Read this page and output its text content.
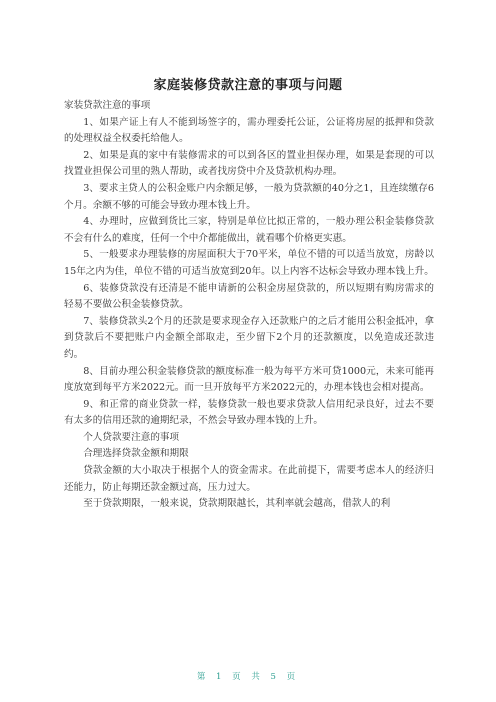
家庭装修贷款注意的事项与问题

家装贷款注意的事项

1、如果产证上有人不能到场签字的，需办理委托公证，公证将房屋的抵押和贷款的处理权益全权委托给他人。

2、如果是真的家中有装修需求的可以到各区的置业担保办理，如果是套现的可以找置业担保公司里的熟人帮助，或者找房贷中介及贷款机构办理。

3、要求主贷人的公积金账户内余额足够，一般为贷款额的40分之1，且连续缴存6个月。余额不够的可能会导致办理本钱上升。

4、办理时，应做到货比三家，特别是单位比拟正常的，一般办理公积金装修贷款不会有什么的难度，任何一个中介都能做出，就看哪个价格更实惠。

5、一般要求办理装修的房屋面积大于70平米，单位不错的可以适当放宽，房龄以15年之内为佳，单位不错的可适当放宽到20年。以上内容不达标会导致办理本钱上升。

6、装修贷款没有还清是不能申请新的公积金房屋贷款的，所以短期有购房需求的轻易不要做公积金装修贷款。

7、装修贷款头2个月的还款是要求现金存入还款账户的之后才能用公积金抵冲，拿到贷款后不要把账户内金额全部取走，至少留下2个月的还款额度，以免造成还款违约。

8、目前办理公积金装修贷款的额度标准一般为每平方米可贷1000元，未来可能再度放宽到每平方米2022元。而一旦开放每平方米2022元的，办理本钱也会相对提高。

9、和正常的商业贷款一样，装修贷款一般也要求贷款人信用纪录良好，过去不要有太多的信用还款的逾期纪录，不然会导致办理本钱的上升。

个人贷款要注意的事项

合理选择贷款金额和期限

贷款金额的大小取决于根据个人的资金需求。在此前提下，需要考虑本人的经济归还能力，防止每期还款金额过高，压力过大。

至于贷款期限，一般来说，贷款期限越长，其利率就会越高，借款人的利

第 1 页 共 5 页
